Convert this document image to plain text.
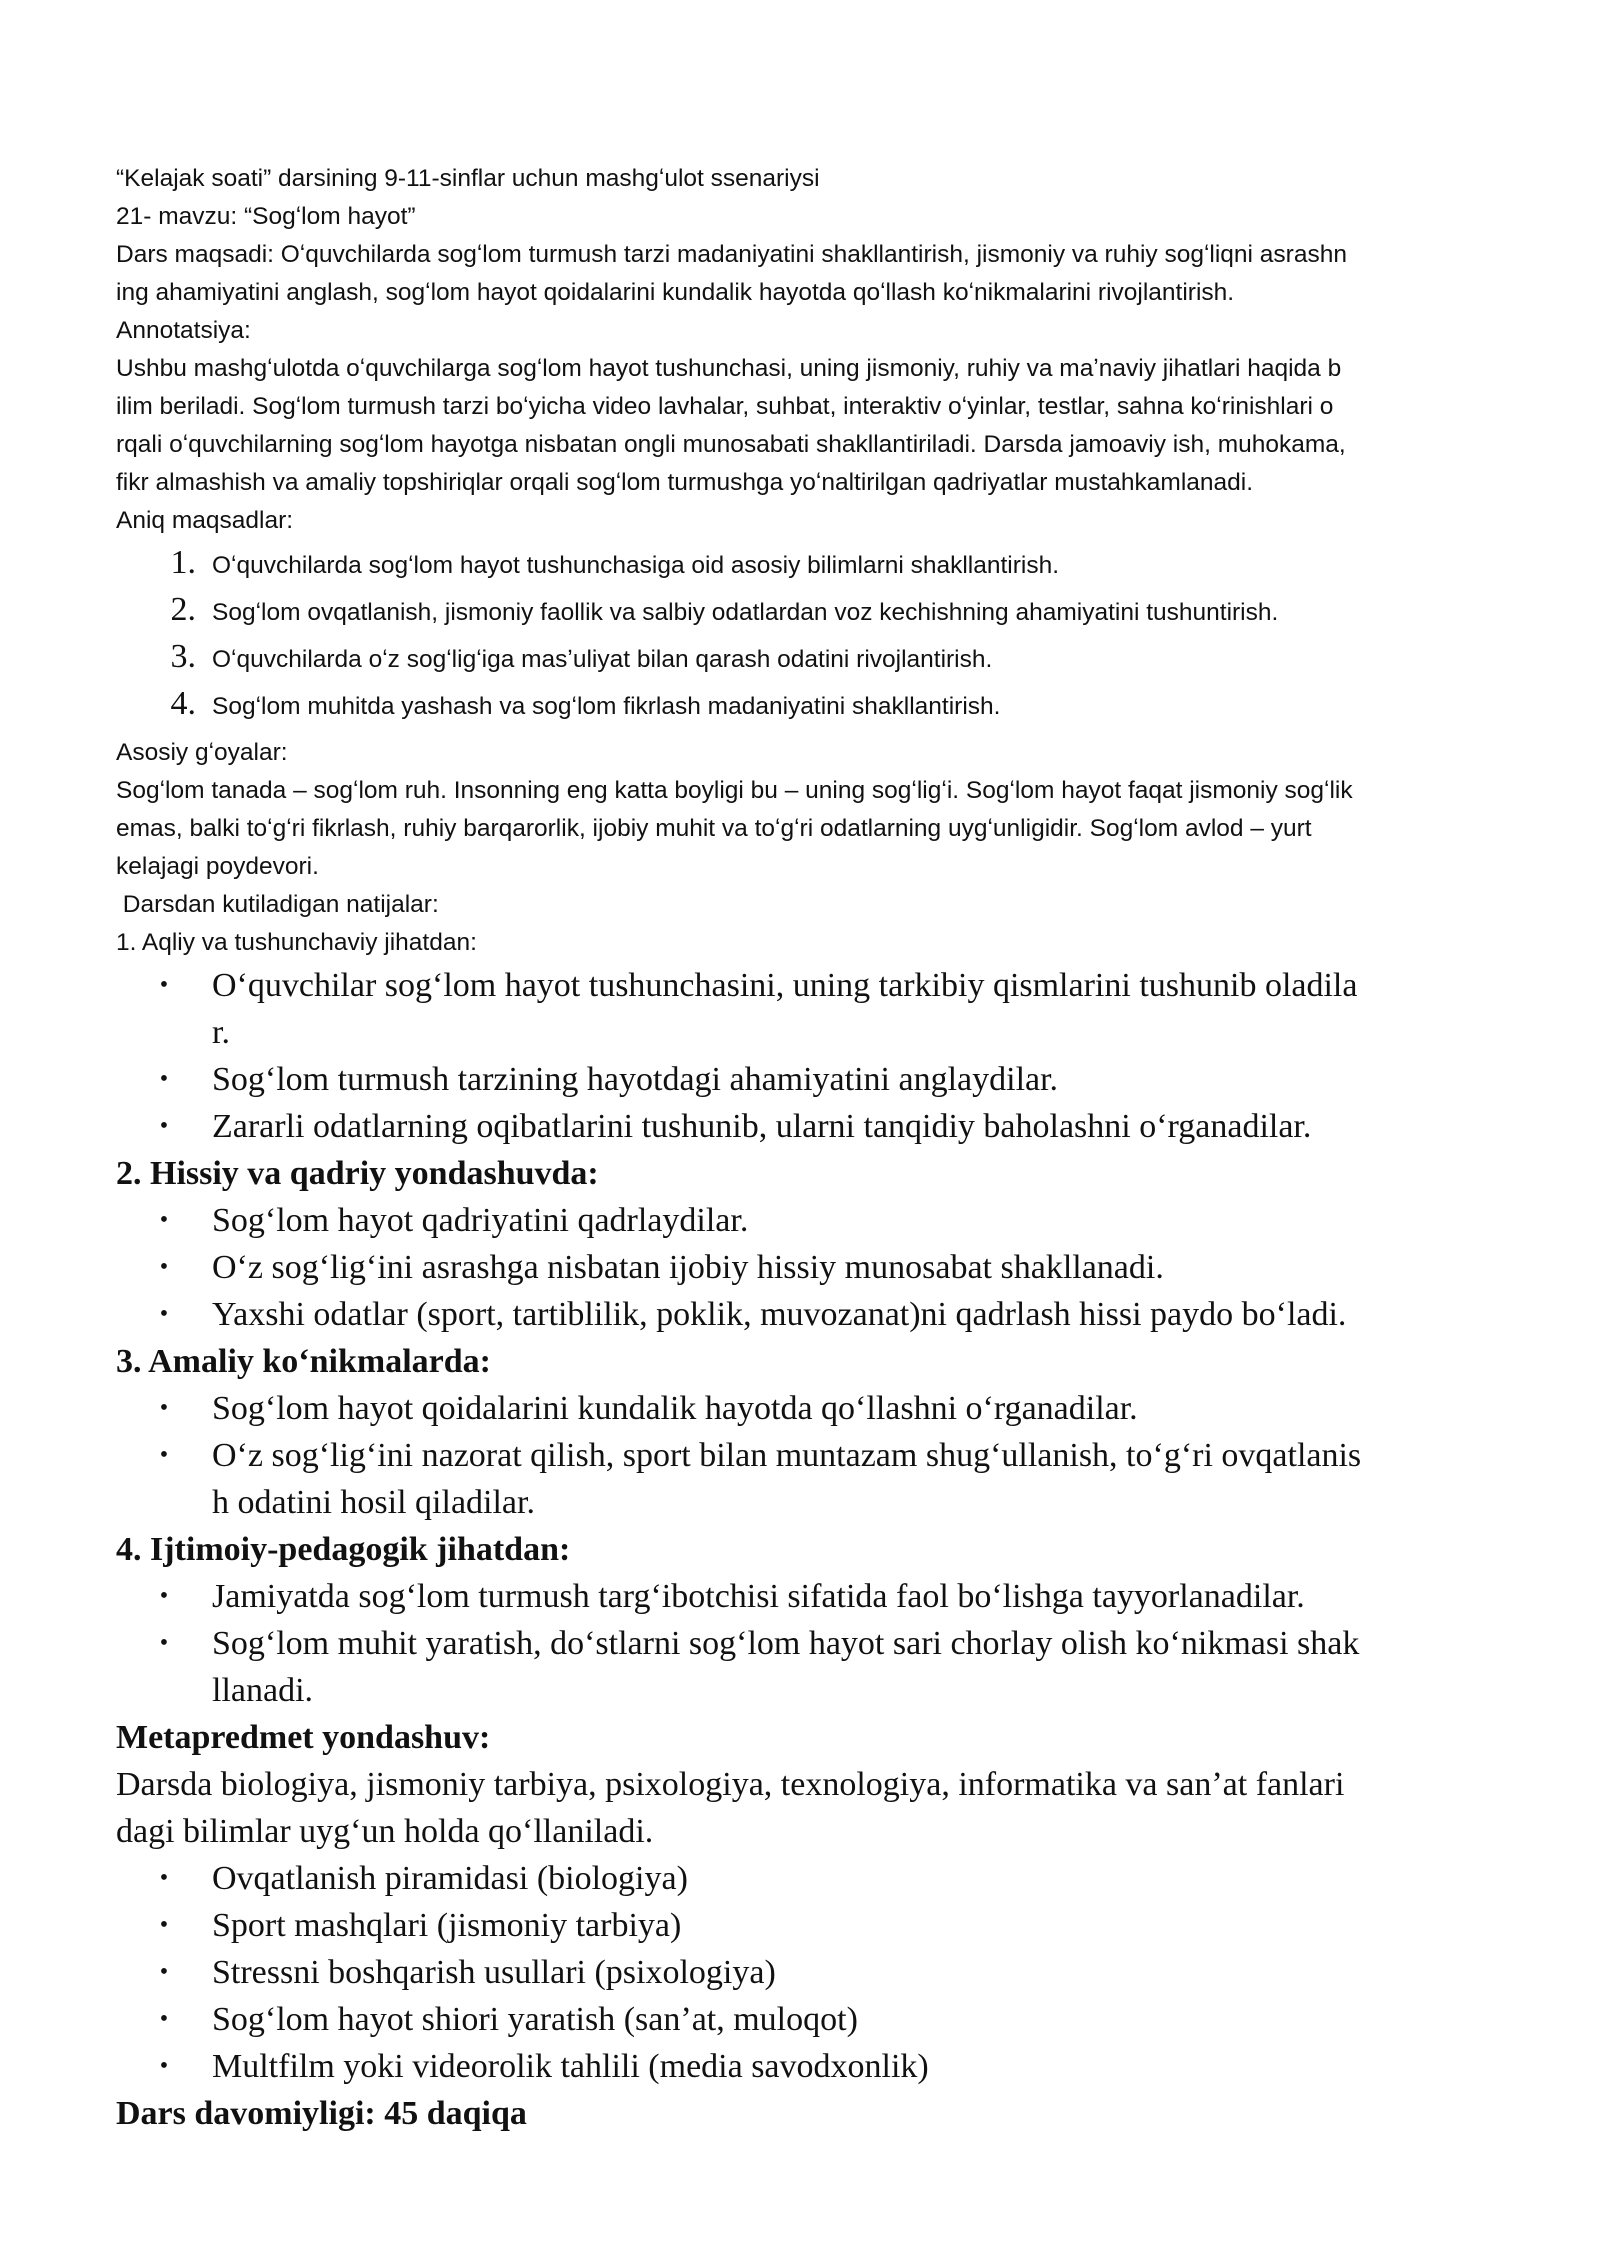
“Kelajak soati” darsining 9-11-sinflar uchun mashgʻulot ssenariysi
21- mavzu: “Sogʻlom hayot”
Dars maqsadi: Oʻquvchilarda sogʻlom turmush tarzi madaniyatini shakllantirish, jismoniy va ruhiy sogʻliqni asrashn
ing ahamiyatini anglash, sogʻlom hayot qoidalarini kundalik hayotda qoʻllash koʻnikmalarini rivojlantirish.
Annotatsiya:
Ushbu mashgʻulotda oʻquvchilarga sogʻlom hayot tushunchasi, uning jismoniy, ruhiy va maʼnaviy jihatlari haqida b
ilim beriladi. Sogʻlom turmush tarzi boʻyicha video lavhalar, suhbat, interaktiv oʻyinlar, testlar, sahna koʻrinishlari o
rqali oʻquvchilarning sogʻlom hayotga nisbatan ongli munosabati shakllantiriladi. Darsda jamoaviy ish, muhokama,
fikr almashish va amaliy topshiriqlar orqali sogʻlom turmushga yoʻnaltirilgan qadriyatlar mustahkamlanadi.
Aniq maqsadlar:
1. Oʻquvchilarda sogʻlom hayot tushunchasiga oid asosiy bilimlarni shakllantirish.
2. Sogʻlom ovqatlanish, jismoniy faollik va salbiy odatlardan voz kechishning ahamiyatini tushuntirish.
3. Oʻquvchilarda oʻz sogʻligʻiga masʼuliyat bilan qarash odatini rivojlantirish.
4. Sogʻlom muhitda yashash va sogʻlom fikrlash madaniyatini shakllantirish.
Asosiy gʻoyalar:
Sogʻlom tanada – sogʻlom ruh. Insonning eng katta boyligi bu – uning sogʻligʻi. Sogʻlom hayot faqat jismoniy sogʻlik
emas, balki toʻgʻri fikrlash, ruhiy barqarorlik, ijobiy muhit va toʻgʻri odatlarning uygʻunligidir. Sogʻlom avlod – yurt
kelajagi poydevori.
Darsdan kutiladigan natijalar:
1. Aqliy va tushunchaviy jihatdan:
•	Oʻquvchilar sogʻlom hayot tushunchasini, uning tarkibiy qismlarini tushunib oladila
r.
•	Sogʻlom turmush tarzining hayotdagi ahamiyatini anglaydilar.
•	Zararli odatlarning oqibatlarini tushunib, ularni tanqidiy baholashni oʻrganadilar.
2. Hissiy va qadriy yondashuvda:
•	Sogʻlom hayot qadriyatini qadrlaydilar.
•	Oʻz sogʻligʻini asrashga nisbatan ijobiy hissiy munosabat shakllanadi.
•	Yaxshi odatlar (sport, tartiblilik, poklik, muvozanat)ni qadrlash hissi paydo boʻladi.
3. Amaliy koʻnikmalarda:
•	Sogʻlom hayot qoidalarini kundalik hayotda qoʻllashni oʻrganadilar.
•	Oʻz sogʻligʻini nazorat qilish, sport bilan muntazam shugʻullanish, toʻgʻri ovqatlanis
h odatini hosil qiladilar.
4. Ijtimoiy-pedagogik jihatdan:
•	Jamiyatda sogʻlom turmush targʻibotchisi sifatida faol boʻlishga tayyorlanadilar.
•	Sogʻlom muhit yaratish, doʻstlarni sogʻlom hayot sari chorlay olish koʻnikmasi shak
llanadi.
Metapredmet yondashuv:
Darsda biologiya, jismoniy tarbiya, psixologiya, texnologiya, informatika va sanʼat fanlari
dagi bilimlar uygʻun holda qoʻllaniladi.
•	Ovqatlanish piramidasi (biologiya)
•	Sport mashqlari (jismoniy tarbiya)
•	Stressni boshqarish usullari (psixologiya)
•	Sogʻlom hayot shiori yaratish (sanʼat, muloqot)
•	Multfilm yoki videorolik tahlili (media savodxonlik)
Dars davomiyligi: 45 daqiqa
